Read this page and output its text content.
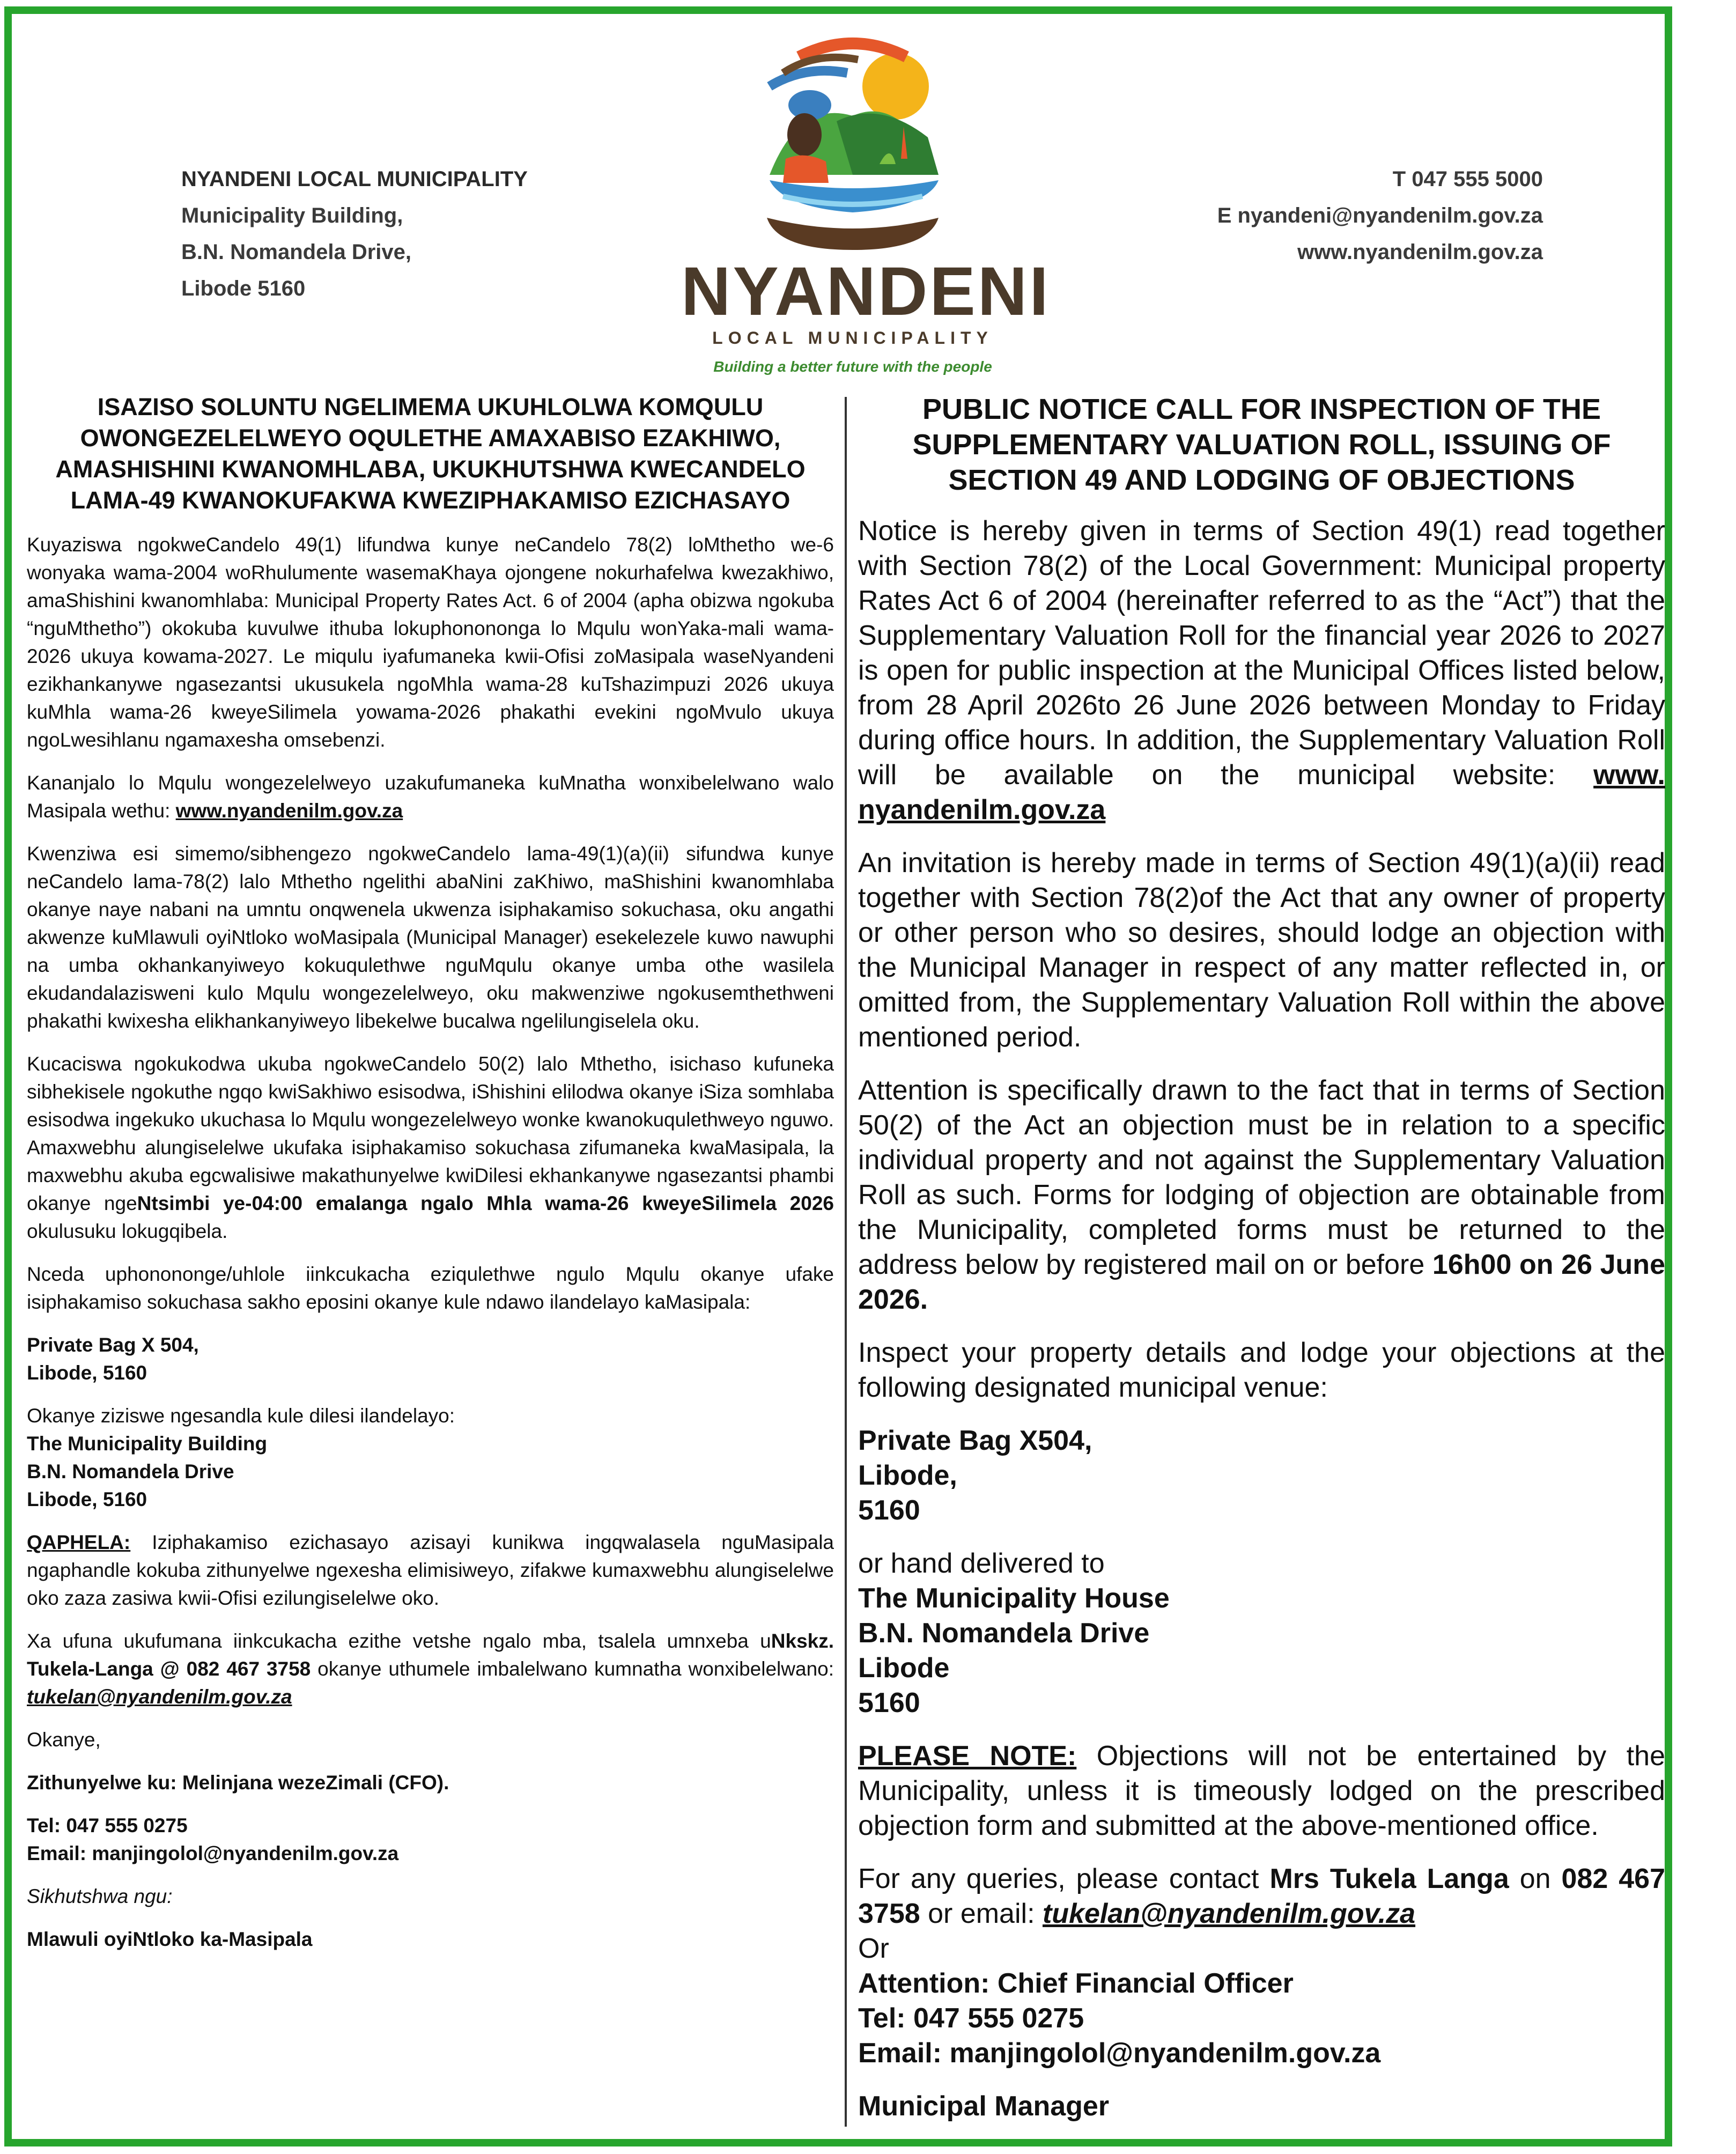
NYANDENI LOCAL MUNICIPALITY
Municipality Building,
B.N. Nomandela Drive,
Libode 5160
T 047 555 5000
E nyandeni@nyandenilm.gov.za
www.nyandenilm.gov.za
NYANDENI
LOCAL MUNICIPALITY
Building a better future with the people
ISAZISO SOLUNTU NGELIMEMA UKUHLOLWA KOMQULU OWONGEZELELWEYO OQULETHE AMAXABISO EZAKHIWO, AMASHISHINI KWANOMHLABA, UKUKHUTSHWA KWECANDELO LAMA-49 KWANOKUFAKWA KWEZIPHAKAMISO EZICHASAYO

Kuyaziswa ngokweCandelo 49(1) lifundwa kunye neCandelo 78(2) loMthetho we-6 wonyaka wama-2004 woRhulumente wasemaKhaya ojongene nokurhafelwa kwezakhiwo, amaShishini kwanomhlaba: Municipal Property Rates Act. 6 of 2004 (apha obizwa ngokuba “nguMthetho”) okokuba kuvulwe ithuba lokuphononongа lo Mqulu wonYaka-mali wama-2026 ukuya kowama-2027. Le miqulu iyafumaneka kwii-Ofisi zoMasipala waseNyandeni ezikhankanywe ngasezantsi ukusukela ngoMhla wama-28 kuTshazimpuzi 2026 ukuya kuMhla wama-26 kweyeSilimela yowama-2026 phakathi evekini ngoMvulo ukuya ngoLwesihlanu ngamaxesha omsebenzi.

Kananjalo lo Mqulu wongezelelweyo uzakufumaneka kuMnatha wonxibelelwano walo Masipala wethu: www.nyandenilm.gov.za

Kwenziwa esi simemo/sibhengezo ngokweCandelo lama-49(1)(a)(ii) sifundwa kunye neCandelo lama-78(2) lalo Mthetho ngelithi abaNini zaKhiwo, maShishini kwanomhlaba okanye naye nabani na umntu onqwenela ukwenza isiphakamiso sokuchasa, oku angathi akwenze kuMlawuli oyiNtloko woMasipala (Municipal Manager) esekelezele kuwo nawuphi na umba okhankanyiweyo kokuqulethwe nguMqulu okanye umba othe wasilela ekudandalazisweni kulo Mqulu wongezelelweyo, oku makwenziwe ngokusemthethweni phakathi kwixesha elikhankanyiweyo libekelwe bucalwa ngelilungiselela oku.

Kucaciswa ngokukodwa ukuba ngokweCandelo 50(2) lalo Mthetho, isichaso kufuneka sibhekisele ngokuthe ngqo kwiSakhiwo esisodwa, iShishini elilodwa okanye iSiza somhlaba esisodwa ingekuko ukuchasa lo Mqulu wongezelelweyo wonke kwanokuqulethweyo nguwo. Amaxwebhu alungiselelwe ukufaka isiphakamiso sokuchasa zifumaneka kwaMasipala, la maxwebhu akuba egcwalisiwe makathunyelwe kwiDilesi ekhankanywe ngasezantsi phambi okanye ngeNtsimbi ye-04:00 emalanga ngalo Mhla wama-26 kweyeSilimela 2026 okulusuku lokugqibela.

Nceda uphononongе/uhlole iinkcukacha eziqulethwe ngulo Mqulu okanye ufake isiphakamiso sokuchasa sakho eposini okanye kule ndawo ilandelayo kaMasipala:

Private Bag X 504,
Libode, 5160

Okanye ziziswe ngesandla kule dilesi ilandelayo:
The Municipality Building
B.N. Nomandela Drive
Libode, 5160

QAPHELA: Iziphakamiso ezichasayo azisayi kunikwa ingqwalasela nguMasipala ngaphandle kokuba zithunyelwe ngexesha elimisiweyo, zifakwe kumaxwebhu alungiselelwe oko zaza zasiwa kwii-Ofisi ezilungiselelwe oko.

Xa ufuna ukufumana iinkcukacha ezithe vetshe ngalo mba, tsalela umnxeba uNkskz. Tukela-Langa @ 082 467 3758 okanye uthumele imbalelwano kumnatha wonxibelelwano: tukelan@nyandenilm.gov.za

Okanye,

Zithunyelwe ku: Melinjana wezeZimali (CFO).

Tel: 047 555 0275
Email: manjingolol@nyandenilm.gov.za

Sikhutshwa ngu:

Mlawuli oyiNtloko ka-Masipala

PUBLIC NOTICE CALL FOR INSPECTION OF THE SUPPLEMENTARY VALUATION ROLL, ISSUING OF SECTION 49 AND LODGING OF OBJECTIONS

Notice is hereby given in terms of Section 49(1) read together with Section 78(2) of the Local Government: Municipal property Rates Act 6 of 2004 (hereinafter referred to as the “Act”) that the Supplementary Valuation Roll for the financial year 2026 to 2027 is open for public inspection at the Municipal Offices listed below, from 28 April 2026to 26 June 2026 between Monday to Friday during office hours. In addition, the Supplementary Valuation Roll will be available on the municipal website: www. nyandenilm.gov.za

An invitation is hereby made in terms of Section 49(1)(a)(ii) read together with Section 78(2)of the Act that any owner of property or other person who so desires, should lodge an objection with the Municipal Manager in respect of any matter reflected in, or omitted from, the Supplementary Valuation Roll within the above mentioned period.

Attention is specifically drawn to the fact that in terms of Section 50(2) of the Act an objection must be in relation to a specific individual property and not against the Supplementary Valuation Roll as such. Forms for lodging of objection are obtainable from the Municipality, completed forms must be returned to the address below by registered mail on or before 16h00 on 26 June 2026.

Inspect your property details and lodge your objections at the following designated municipal venue:

Private Bag X504,
Libode,
5160

or hand delivered to
The Municipality House
B.N. Nomandela Drive
Libode
5160

PLEASE NOTE: Objections will not be entertained by the Municipality, unless it is timeously lodged on the prescribed objection form and submitted at the above-mentioned office.

For any queries, please contact Mrs Tukela Langa on 082 467 3758 or email: tukelan@nyandenilm.gov.za

Or

Attention: Chief Financial Officer
Tel: 047 555 0275
Email: manjingolol@nyandenilm.gov.za

Municipal Manager
